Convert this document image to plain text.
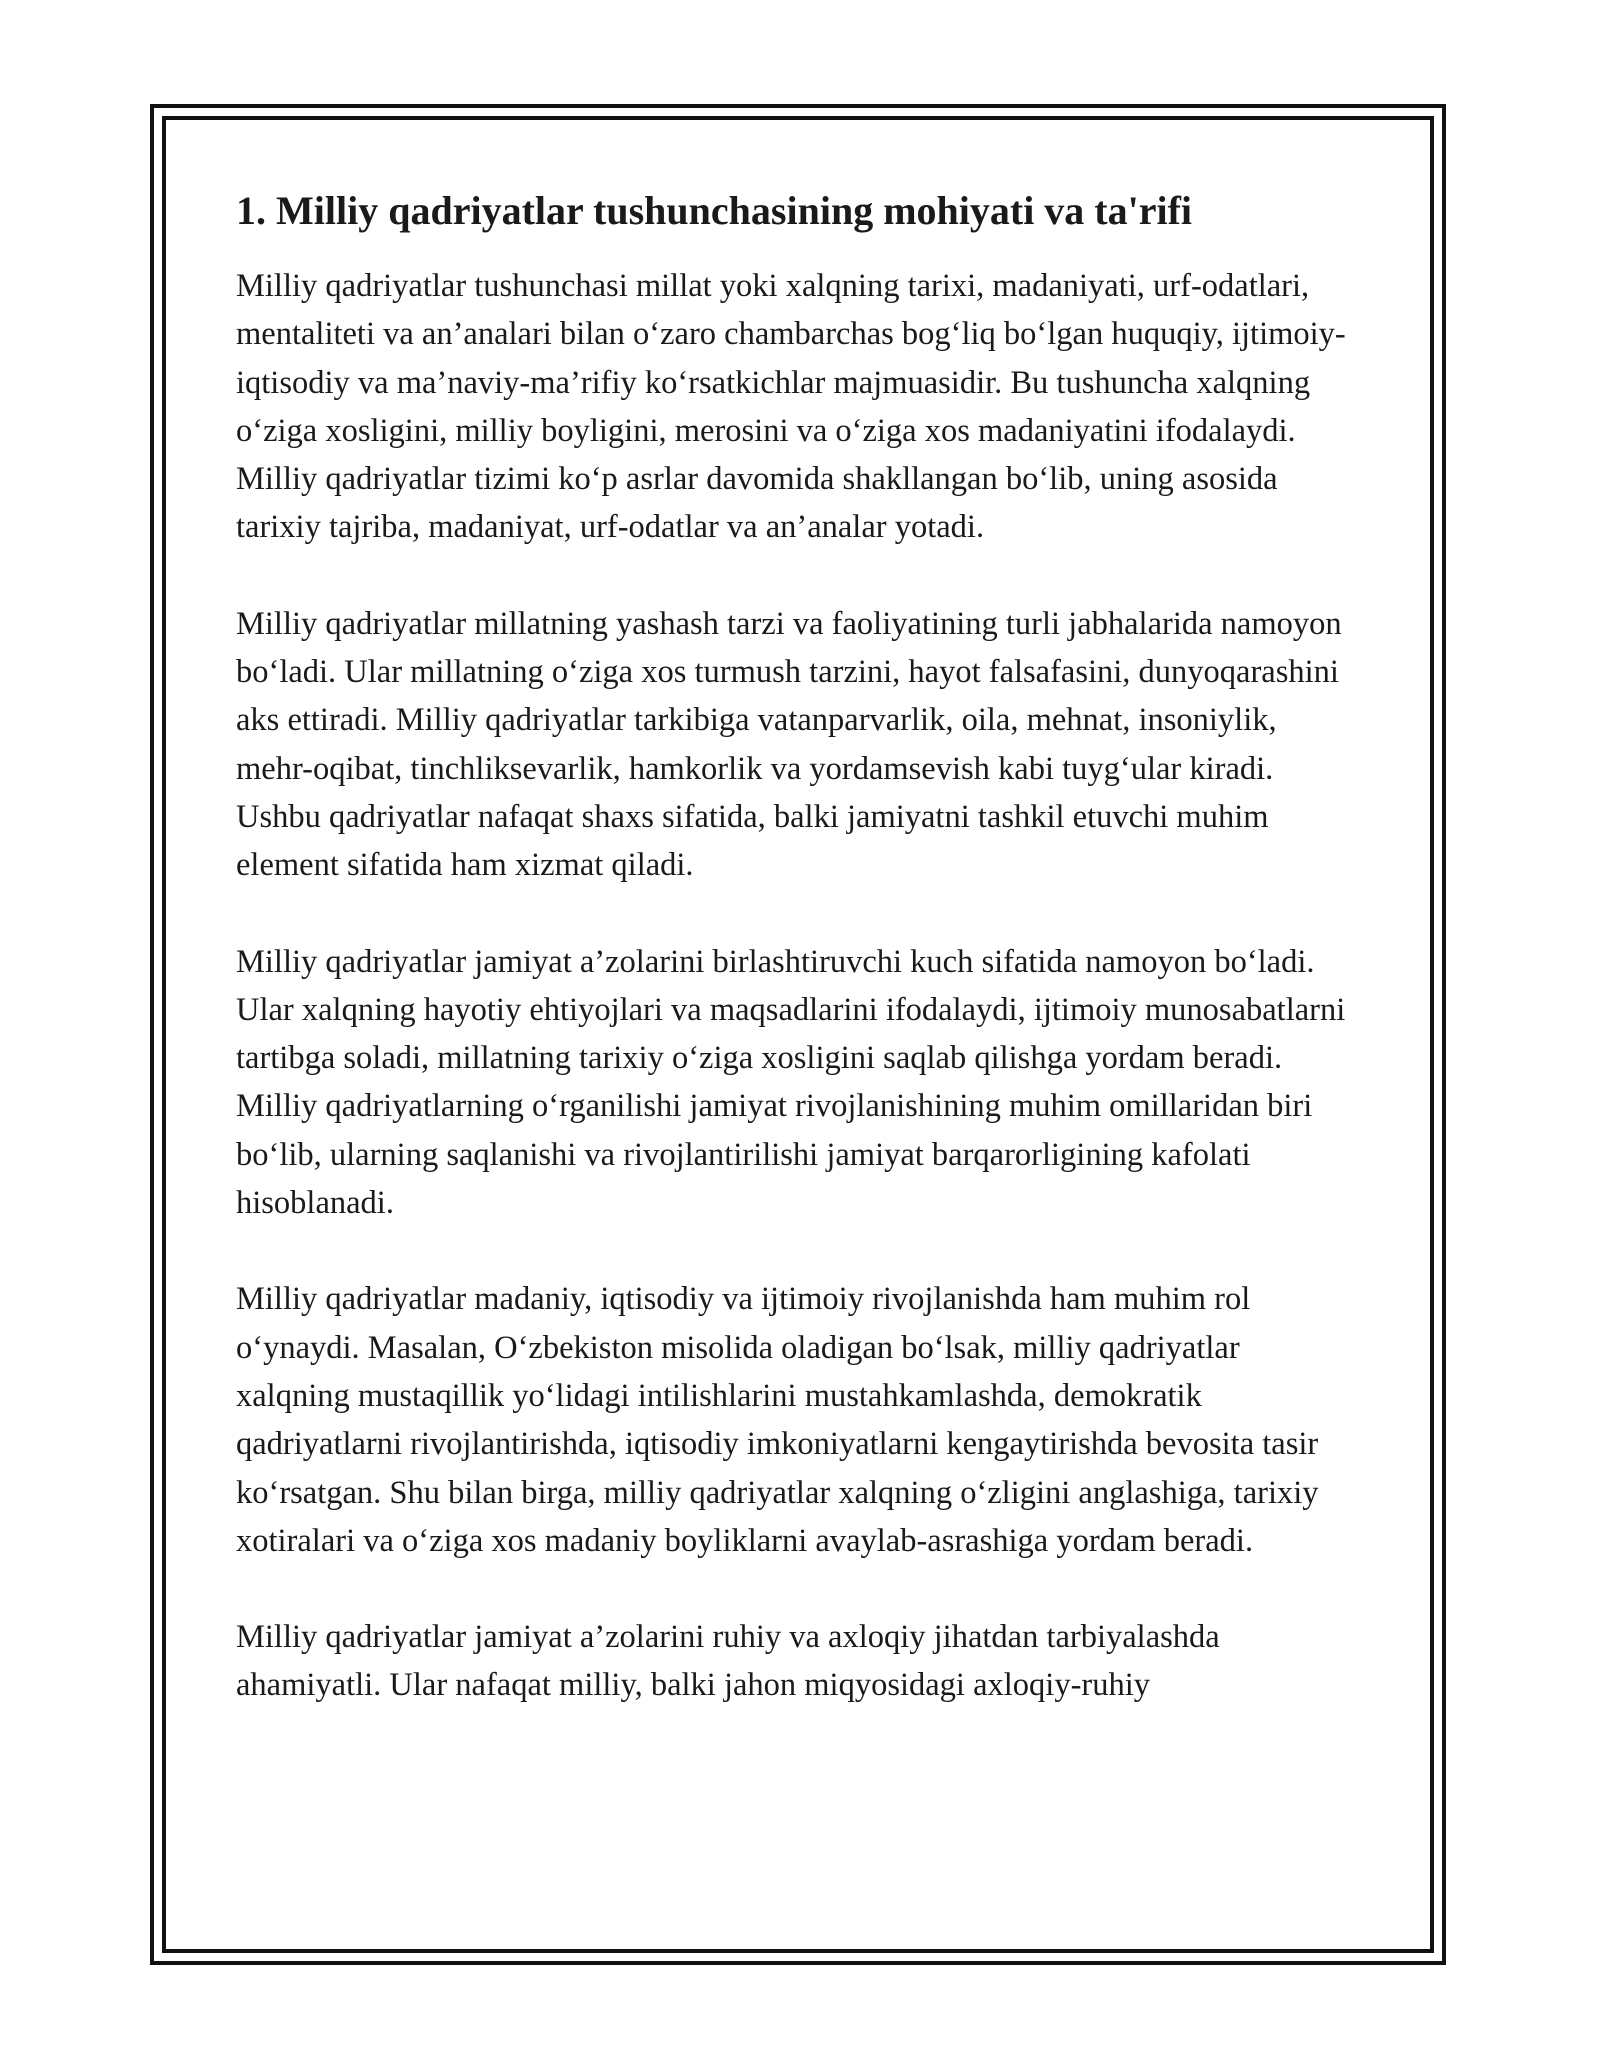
1. Milliy qadriyatlar tushunchasining mohiyati va ta'rifi

Milliy qadriyatlar tushunchasi millat yoki xalqning tarixi, madaniyati, urf-odatlari, mentaliteti va an’analari bilan o‘zaro chambarchas bog‘liq bo‘lgan huquqiy, ijtimoiy-iqtisodiy va ma’naviy-ma’rifiy ko‘rsatkichlar majmuasidir. Bu tushuncha xalqning o‘ziga xosligini, milliy boyligini, merosini va o‘ziga xos madaniyatini ifodalaydi. Milliy qadriyatlar tizimi ko‘p asrlar davomida shakllangan bo‘lib, uning asosida tarixiy tajriba, madaniyat, urf-odatlar va an’analar yotadi.

Milliy qadriyatlar millatning yashash tarzi va faoliyatining turli jabhalarida namoyon bo‘ladi. Ular millatning o‘ziga xos turmush tarzini, hayot falsafasini, dunyoqarashini aks ettiradi. Milliy qadriyatlar tarkibiga vatanparvarlik, oila, mehnat, insoniylik, mehr-oqibat, tinchliksevarlik, hamkorlik va yordamsevish kabi tuyg‘ular kiradi. Ushbu qadriyatlar nafaqat shaxs sifatida, balki jamiyatni tashkil etuvchi muhim element sifatida ham xizmat qiladi.

Milliy qadriyatlar jamiyat a’zolarini birlashtiruvchi kuch sifatida namoyon bo‘ladi. Ular xalqning hayotiy ehtiyojlari va maqsadlarini ifodalaydi, ijtimoiy munosabatlarni tartibga soladi, millatning tarixiy o‘ziga xosligini saqlab qilishga yordam beradi. Milliy qadriyatlarning o‘rganilishi jamiyat rivojlanishining muhim omillaridan biri bo‘lib, ularning saqlanishi va rivojlantirilishi jamiyat barqarorligining kafolati hisoblanadi.

Milliy qadriyatlar madaniy, iqtisodiy va ijtimoiy rivojlanishda ham muhim rol o‘ynaydi. Masalan, O‘zbekiston misolida oladigan bo‘lsak, milliy qadriyatlar xalqning mustaqillik yo‘lidagi intilishlarini mustahkamlashda, demokratik qadriyatlarni rivojlantirishda, iqtisodiy imkoniyatlarni kengaytirishda bevosita tasir ko‘rsatgan. Shu bilan birga, milliy qadriyatlar xalqning o‘zligini anglashiga, tarixiy xotiralari va o‘ziga xos madaniy boyliklarni avaylab-asrashiga yordam beradi.

Milliy qadriyatlar jamiyat a’zolarini ruhiy va axloqiy jihatdan tarbiyalashda ahamiyatli. Ular nafaqat milliy, balki jahon miqyosidagi axloqiy-ruhiy
